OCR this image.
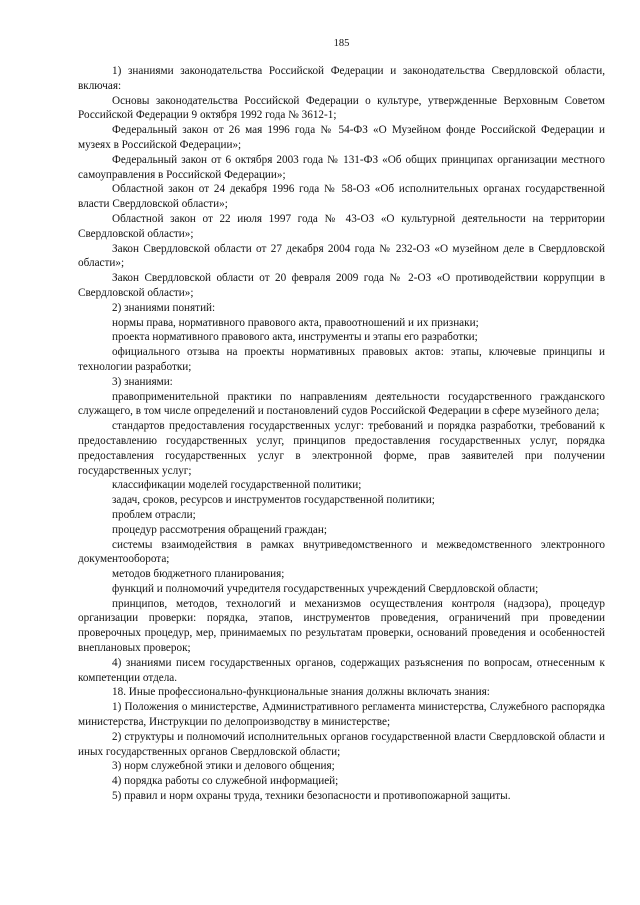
185

1) знаниями законодательства Российской Федерации и законодательства Свердловской области, включая:

Основы законодательства Российской Федерации о культуре, утвержденные Верховным Советом Российской Федерации 9 октября 1992 года № 3612-1;

Федеральный закон от 26 мая 1996 года № 54-ФЗ «О Музейном фонде Российской Федерации и музеях в Российской Федерации»;

Федеральный закон от 6 октября 2003 года № 131-ФЗ «Об общих принципах организации местного самоуправления в Российской Федерации»;

Областной закон от 24 декабря 1996 года № 58-ОЗ «Об исполнительных органах государственной власти Свердловской области»;

Областной закон от 22 июля 1997 года № 43-ОЗ «О культурной деятельности на территории Свердловской области»;

Закон Свердловской области от 27 декабря 2004 года № 232-ОЗ «О музейном деле в Свердловской области»;

Закон Свердловской области от 20 февраля 2009 года № 2-ОЗ «О противодействии коррупции в Свердловской области»;

2) знаниями понятий:

нормы права, нормативного правового акта, правоотношений и их признаки;

проекта нормативного правового акта, инструменты и этапы его разработки;

официального отзыва на проекты нормативных правовых актов: этапы, ключевые принципы и технологии разработки;

3) знаниями:

правоприменительной практики по направлениям деятельности государственного гражданского служащего, в том числе определений и постановлений судов Российской Федерации в сфере музейного дела;

стандартов предоставления государственных услуг: требований и порядка разработки, требований к предоставлению государственных услуг, принципов предоставления государственных услуг, порядка предоставления государственных услуг в электронной форме, прав заявителей при получении государственных услуг;

классификации моделей государственной политики;

задач, сроков, ресурсов и инструментов государственной политики;

проблем отрасли;

процедур рассмотрения обращений граждан;

системы взаимодействия в рамках внутриведомственного и межведомственного электронного документооборота;

методов бюджетного планирования;

функций и полномочий учредителя государственных учреждений Свердловской области;

принципов, методов, технологий и механизмов осуществления контроля (надзора), процедур организации проверки: порядка, этапов, инструментов проведения, ограничений при проведении проверочных процедур, мер, принимаемых по результатам проверки, оснований проведения и особенностей внеплановых проверок;

4) знаниями писем государственных органов, содержащих разъяснения по вопросам, отнесенным к компетенции отдела.

18. Иные профессионально-функциональные знания должны включать знания:

1) Положения о министерстве, Административного регламента министерства, Служебного распорядка министерства, Инструкции по делопроизводству в министерстве;

2) структуры и полномочий исполнительных органов государственной власти Свердловской области и иных государственных органов Свердловской области;

3) норм служебной этики и делового общения;

4) порядка работы со служебной информацией;

5) правил и норм охраны труда, техники безопасности и противопожарной защиты.
